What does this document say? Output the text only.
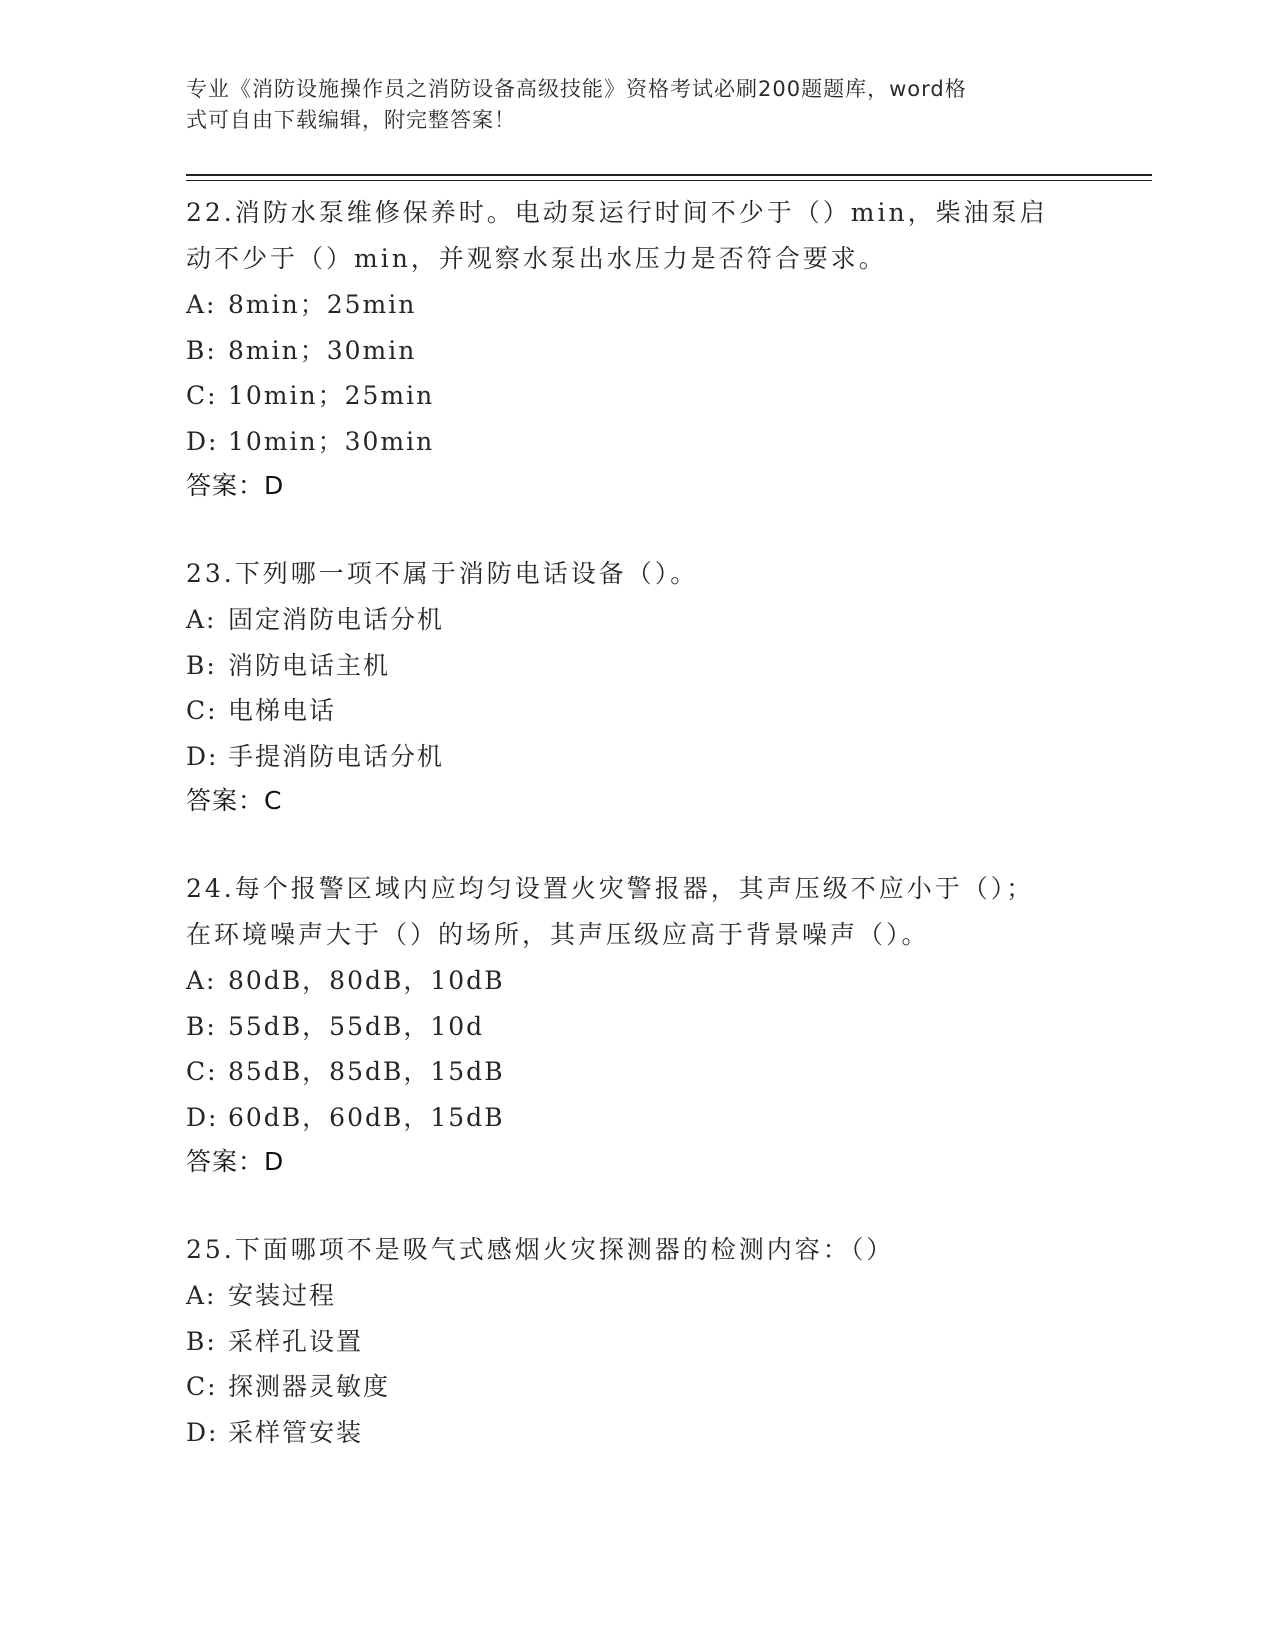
专业《消防设施操作员之消防设备高级技能》资格考试必刷200题题库，word格
式可自由下载编辑，附完整答案！
22.消防水泵维修保养时。电动泵运行时间不少于（）min，柴油泵启
动不少于（）min，并观察水泵出水压力是否符合要求。
A: 8min；25min
B: 8min；30min
C: 10min；25min
D: 10min；30min
答案：D
23.下列哪一项不属于消防电话设备（）。
A: 固定消防电话分机
B: 消防电话主机
C: 电梯电话
D: 手提消防电话分机
答案：C
24.每个报警区域内应均匀设置火灾警报器，其声压级不应小于（）；
在环境噪声大于（）的场所，其声压级应高于背景噪声（）。
A: 80dB，80dB，10dB
B: 55dB，55dB，10d
C: 85dB，85dB，15dB
D: 60dB，60dB，15dB
答案：D
25.下面哪项不是吸气式感烟火灾探测器的检测内容：（）
A: 安装过程
B: 采样孔设置
C: 探测器灵敏度
D: 采样管安装
